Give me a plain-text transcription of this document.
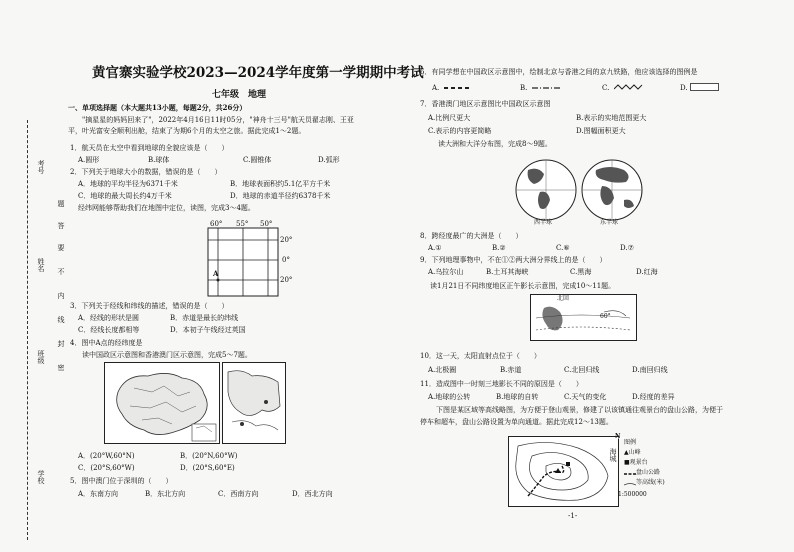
考号
姓名
班级
学校
题
答
要
不
内
线
封
密
黄官寨实验学校2023—2024学年度第一学期期中考试
七年级　地理
一、单项选择题（本大题共13小题，每题2分，共26分）
"摘星星的妈妈回来了"，2022年4月16日11时05分，"神舟十三号"航天员翟志刚、王亚
平，叶光富安全顺利出舱，结束了为期6个月的太空之旅。据此完成1～2题。
1．航天员在太空中看到地球的全貌应该是（　　）
A.圆形	B.球体	C.圆锥体	D.弧形
2．下列关于地球大小的数据，错误的是（　　）
A．地球的平均半径为6371千米	B．地球表面积约5.1亿平方千米
C．地球的最大周长约4万千米	D．地球的赤道半径约6378千米
经纬网能够帮助我们在地图中定位，读图，完成3～4题。
60° 55° 50°
20°
0°
20°
A
3．下列关于经线和纬线的描述，错误的是（　　）
A．经线的形状是圆	B．赤道是最长的纬线
C．经线长度都相等	D．本初子午线经过英国
4．图中A点的经纬度是
读中国政区示意图和香港澳门区示意图，完成5～7题。
A．(20°W,60°N)	B．(20°N,60°W)
C．(20°S,60°W)	D．(20°S,60°E)
5．图中澳门位于深圳的（　　）
A．东南方向	B．东北方向	C．西南方向	D．西北方向
6．有同学想在中国政区示意图中，绘制北京与香港之间的京九铁路，他应该选择的图例是
A.	B.	C.	D.
7．香港澳门地区示意图比中国政区示意图
A.比例尺更大	B.表示的实地范围更大
C.表示的内容更简略	D.图幅面积更大
读大洲和大洋分布图，完成8～9题。
西半球	东半球
8．跨经度最广的大洲是（　　）
A.①	B.②	C.⑥	D.⑦
9．下列地理事物中，不在①②两大洲分界线上的是（　　）
A.乌拉尔山	B.土耳其海峡	C.黑海	D.红海
读1月21日不同纬度地区正午影长示意图，完成10～11题。
北回
60°
10．这一天，太阳直射点位于（　　）
A.北极圈	B.赤道	C.北回归线	D.南回归线
11．造成图中一时刻三地影长不同的原因是（　　）
A.地球的公转	B.地球的自转	C.天气的变化	D.经度的差异
下图是某区域等高线略图，为方便于登山观景，修建了以该镇通往观景台的盘山公路，为便于
停车和超车，盘山公路设置为单向通道。据此完成12～13题。
N
海城
图例
▲山峰
■观景台
盘山公路
等高线(米)
1:500000
-1-
